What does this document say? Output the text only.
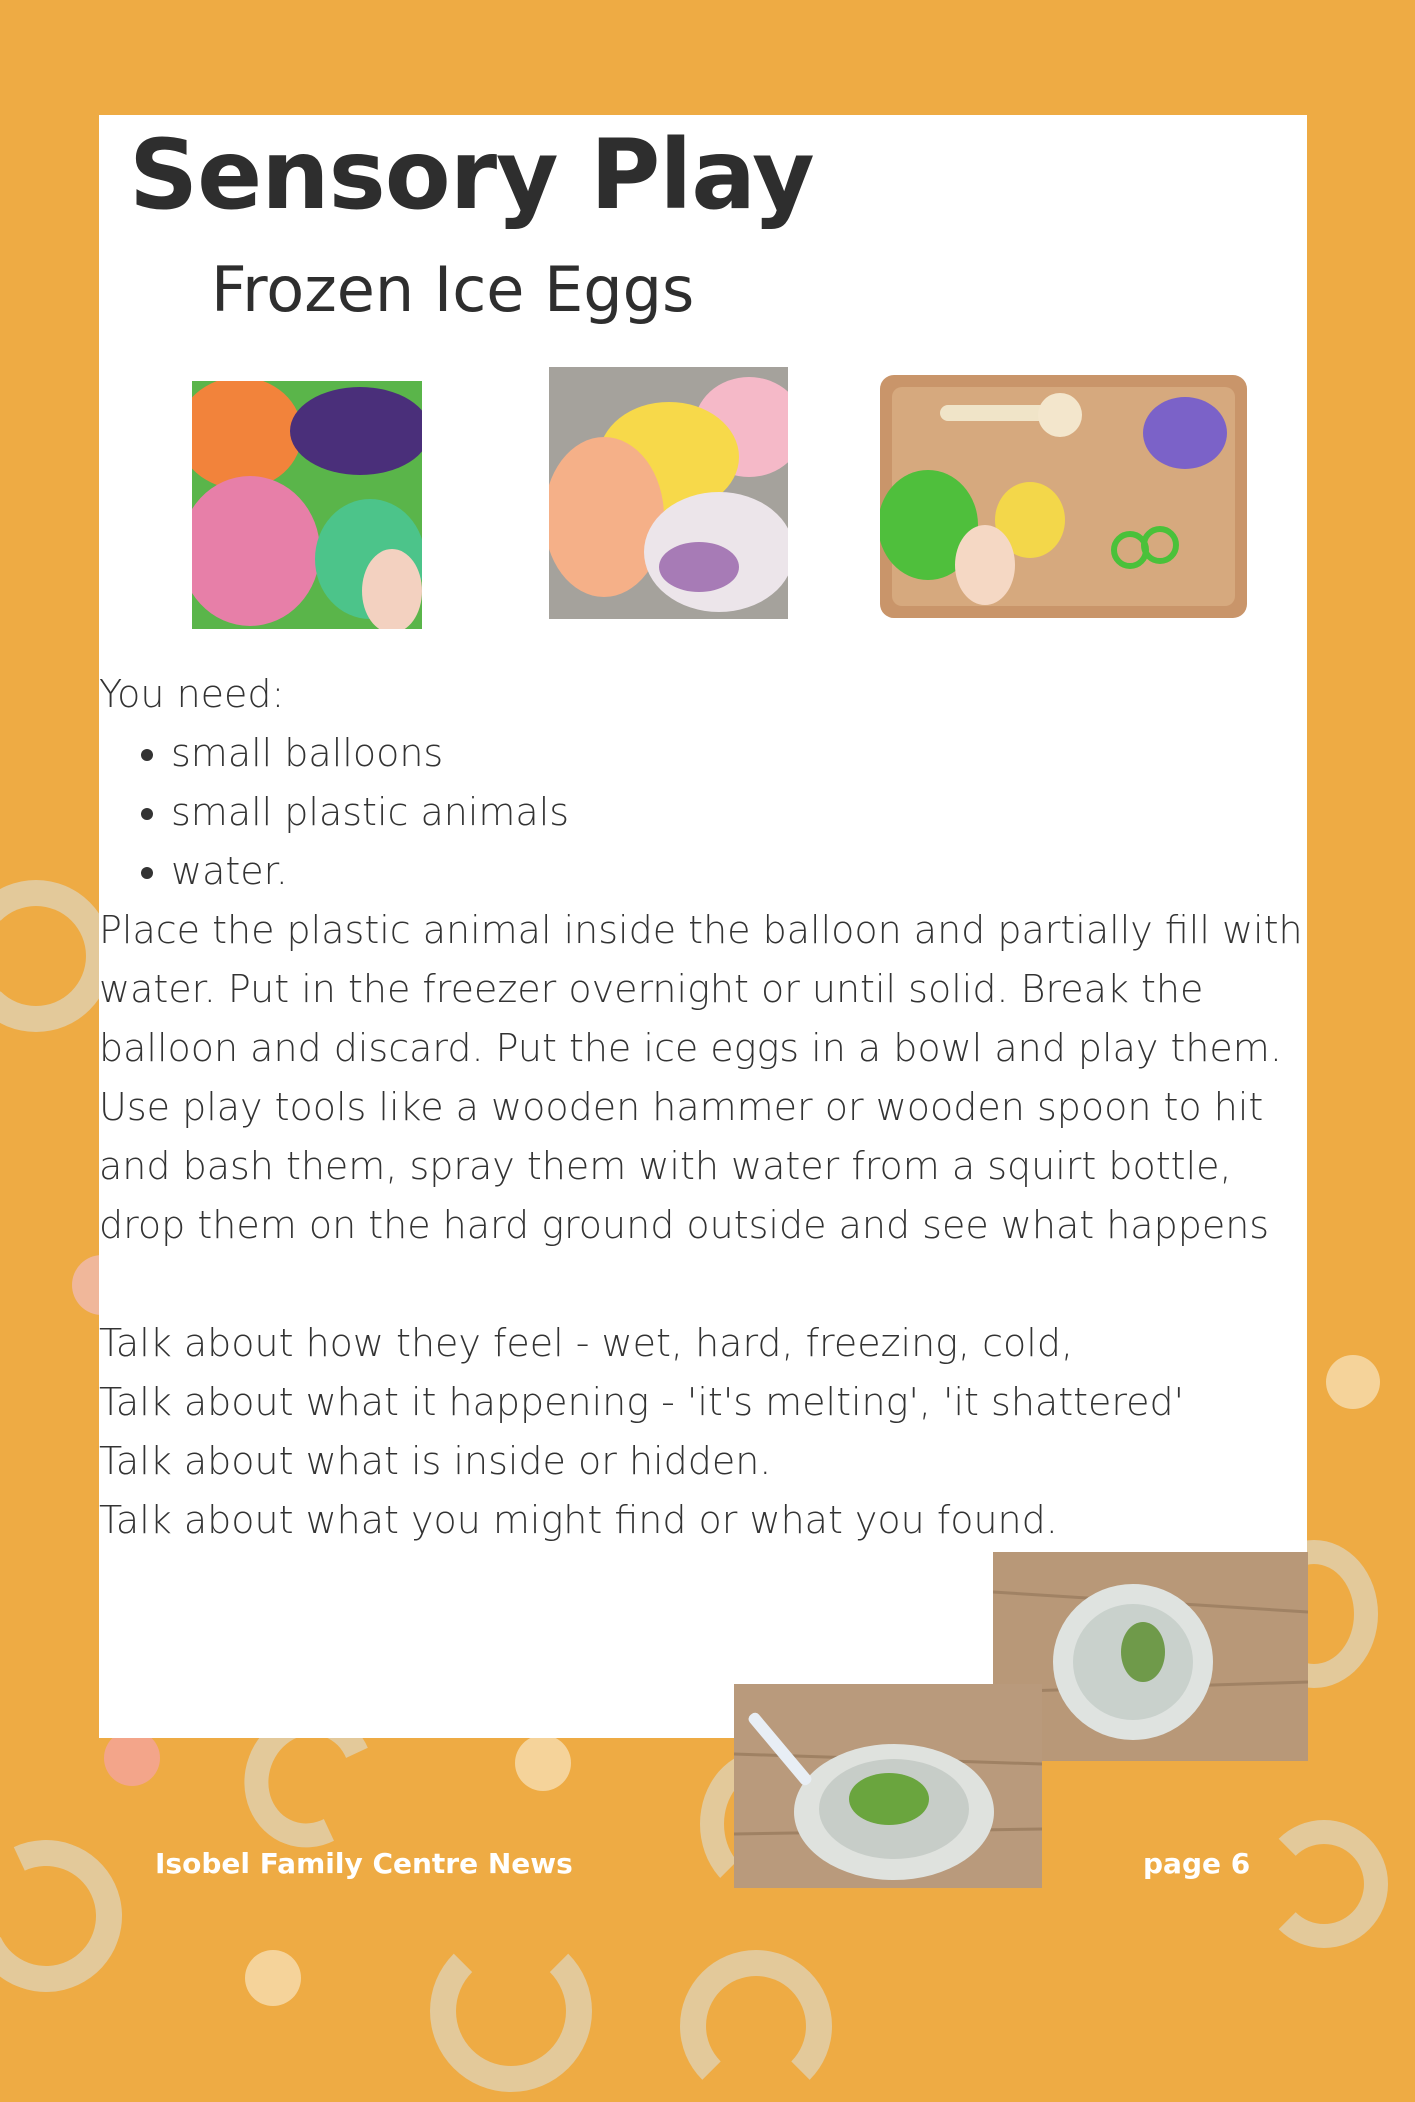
Sensory Play
Frozen Ice Eggs

You need:

• small balloons
• small plastic animals
• water.

Place the plastic animal inside the balloon and partially fill with water. Put in the freezer overnight or until solid. Break the balloon and discard. Put the ice eggs in a bowl and play them. Use play tools like a wooden hammer or wooden spoon to hit and bash them, spray them with water from a squirt bottle, drop them on the hard ground outside and see what happens

Talk about how they feel - wet, hard, freezing, cold,

Talk about what it happening - 'it's melting', 'it shattered'

Talk about what is inside or hidden.

Talk about what you might find or what you found.

Isobel Family Centre News	page 6
